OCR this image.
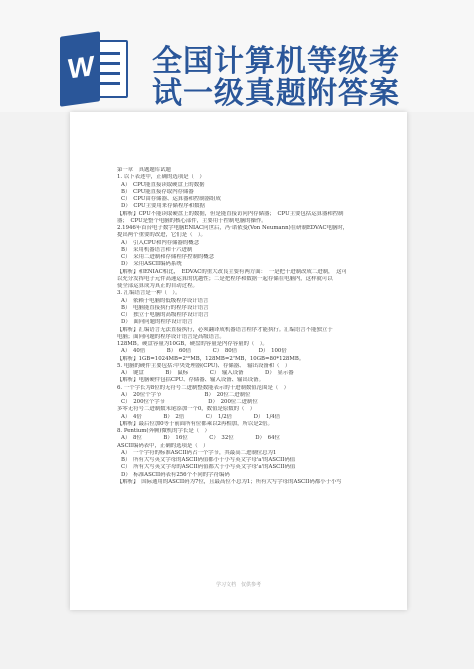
W 全国计算机等级考
试一级真题附答案
第一章　真题题库试题
1. 以下表述中，正确的选项是（　）
A）　CPU能直接读取硬盘上的数据
B）　CPU能直接存取内存储器
C）　CPU由存储器、运算器和控制器组成
D）　CPU主要用来存储程序和数据
【解析】CPU不能读取硬盘上的数据，但是能直接访问内存储器；　CPU主要包括运算器和控制
器；　CPU是整个电脑的核心部件，主要用于控制电脑的操作。
2.1946年首台电子数字电脑ENIAC问世后，冯·诺依曼(Von Neumann)在研制EDVAC电脑时，
提出两个重要的改进，它们是（　）。
A）　引入CPU和内存储器的概念
B）　采用机器语言和十六进制
C）　采用二进制和存储程序控制的概念
D）　采用ASCII编码系统
【解析】和ENIAC相比，　EDVAC的重大改良主要有两方面：　一是把十进制改成二进制，　这可
以充分发挥电子元件高速运算的优越性；二是把程序和数据一起存储在电脑内，这样就可以
使全部运算成为真正的自动过程。
3. 汇编语言是一种（　）。
A）　依赖于电脑的低级程序设计语言
B）　电脑能直接执行的程序设计语言
C）　独立于电脑的高级程序设计语言
D）　面向问题的程序设计语言
【解析】汇编语言无法直接执行，必须翻译成机器语言程序才能执行。汇编语言不能独立于
电脑；面向问题的程序设计语言是高级语言。
128MB。硬盘容量为10GB，硬盘的容量是内存容量的（　）。
A）　40倍　　　　B）　60倍　　　　C）　80倍　　　　D）　100倍
【解析】1GB=1024MB=2¹⁰MB，128MB=2⁷MB，10GB=80*128MB。
5. 电脑的硬件主要包括:中央处理器(CPU)、存储器、　输出设备和（　）
A）　键盘　　　　B）　鼠标　　　　C）　输入设备　　　　D）　显示器
【解析】电脑硬件包括CPU、存储器、输入设备、输出设备。
6. 一个字长为8位的无符号二进制整数能表示的十进制数值范围是（　）
A）　20位个字节　　　　　　　　B）　20位二进制位
C）　200位个字节　　　　　　　　D）　200位二进制位
多零无符号二进制数末尾添加一个0，数值是原数的（　）
A）　4倍　　　　B）　2倍　　　　C）　1/2倍　　　　D）　1/4倍
【解析】最后位加0等于前面所有位都乘以2再相加，所以是2倍。
8. Pentium(奔腾)微机的字长是（　）
A）　8位　　　　B）　16位　　　　C）　32位　　　　D）　64位
ASCII编码表中，正确的选项是（　）
A）　一个字符的标准ASCII码占一个字节，其最高二进制位总为1
B）　所有大写英文字母的ASCII码值都小于小写英文字母'a'的ASCII码值
C）　所有大写英文字母的ASCII码值都大于小写英文字母'a'的ASCII码值
D）　标准ASCII码表有256个不同的字符编码
【解析】　国际通用的ASCII码为7位，且最高位不总为1；所有大写字母的ASCII码都小于小写
学习文档　仅供参考
